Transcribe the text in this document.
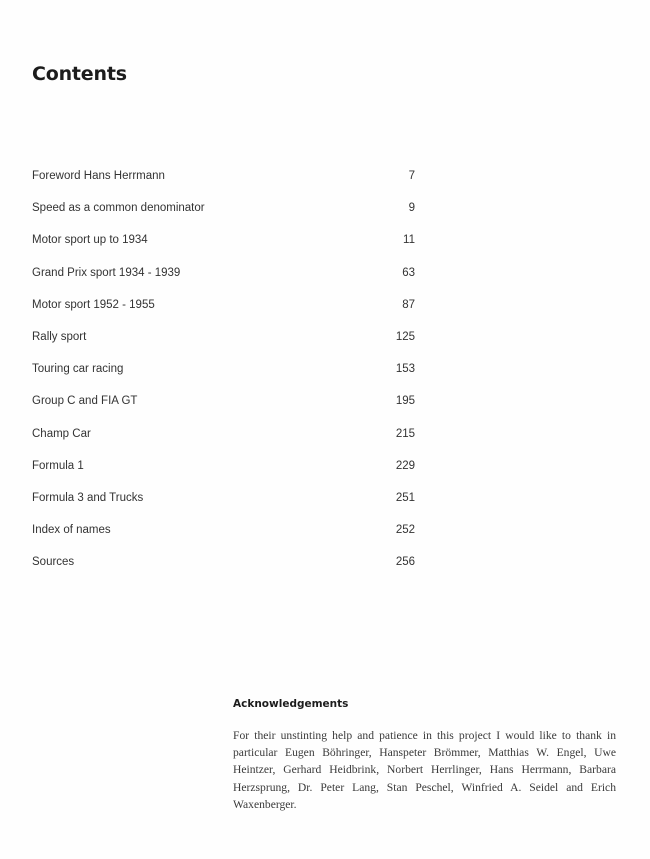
Contents
Foreword Hans Herrmann	7
Speed as a common denominator	9
Motor sport up to 1934	11
Grand Prix sport 1934 - 1939	63
Motor sport 1952 - 1955	87
Rally sport	125
Touring car racing	153
Group C and FIA GT	195
Champ Car	215
Formula 1	229
Formula 3 and Trucks	251
Index of names	252
Sources	256
Acknowledgements

For their unstinting help and patience in this project I would like to thank in particular Eugen Böhringer, Hanspeter Brömmer, Matthias W. Engel, Uwe Heintzer, Gerhard Heidbrink, Norbert Herrlinger, Hans Herrmann, Barbara Herzsprung, Dr. Peter Lang, Stan Peschel, Winfried A. Seidel and Erich Waxenberger.
